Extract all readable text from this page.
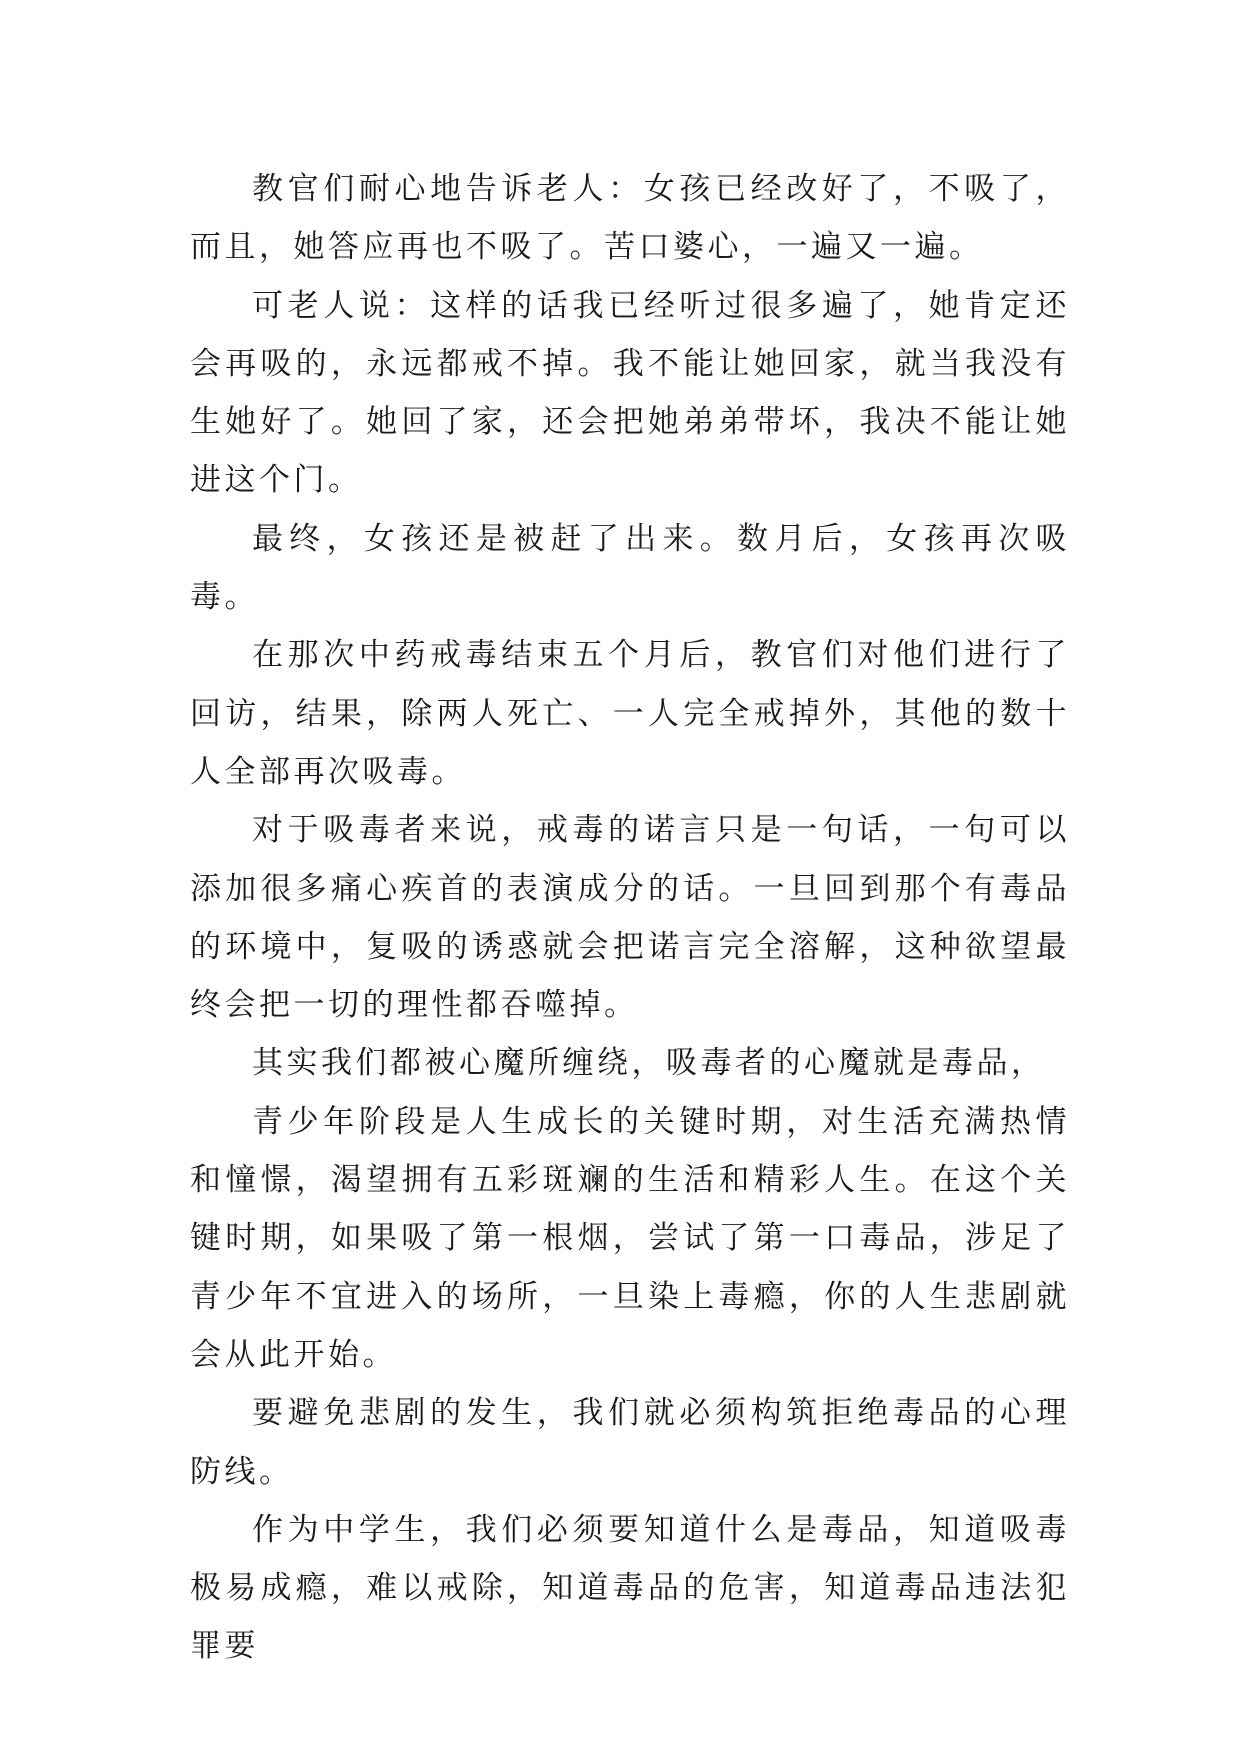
教官们耐心地告诉老人：女孩已经改好了，不吸了，而且，她答应再也不吸了。苦口婆心，一遍又一遍。

可老人说：这样的话我已经听过很多遍了，她肯定还会再吸的，永远都戒不掉。我不能让她回家，就当我没有生她好了。她回了家，还会把她弟弟带坏，我决不能让她进这个门。

最终，女孩还是被赶了出来。数月后，女孩再次吸毒。

在那次中药戒毒结束五个月后，教官们对他们进行了回访，结果，除两人死亡、一人完全戒掉外，其他的数十人全部再次吸毒。

对于吸毒者来说，戒毒的诺言只是一句话，一句可以添加很多痛心疾首的表演成分的话。一旦回到那个有毒品的环境中，复吸的诱惑就会把诺言完全溶解，这种欲望最终会把一切的理性都吞噬掉。

其实我们都被心魔所缠绕，吸毒者的心魔就是毒品，

青少年阶段是人生成长的关键时期，对生活充满热情和憧憬，渴望拥有五彩斑斓的生活和精彩人生。在这个关键时期，如果吸了第一根烟，尝试了第一口毒品，涉足了青少年不宜进入的场所，一旦染上毒瘾，你的人生悲剧就会从此开始。

要避免悲剧的发生，我们就必须构筑拒绝毒品的心理防线。

作为中学生，我们必须要知道什么是毒品，知道吸毒极易成瘾，难以戒除，知道毒品的危害，知道毒品违法犯罪要
